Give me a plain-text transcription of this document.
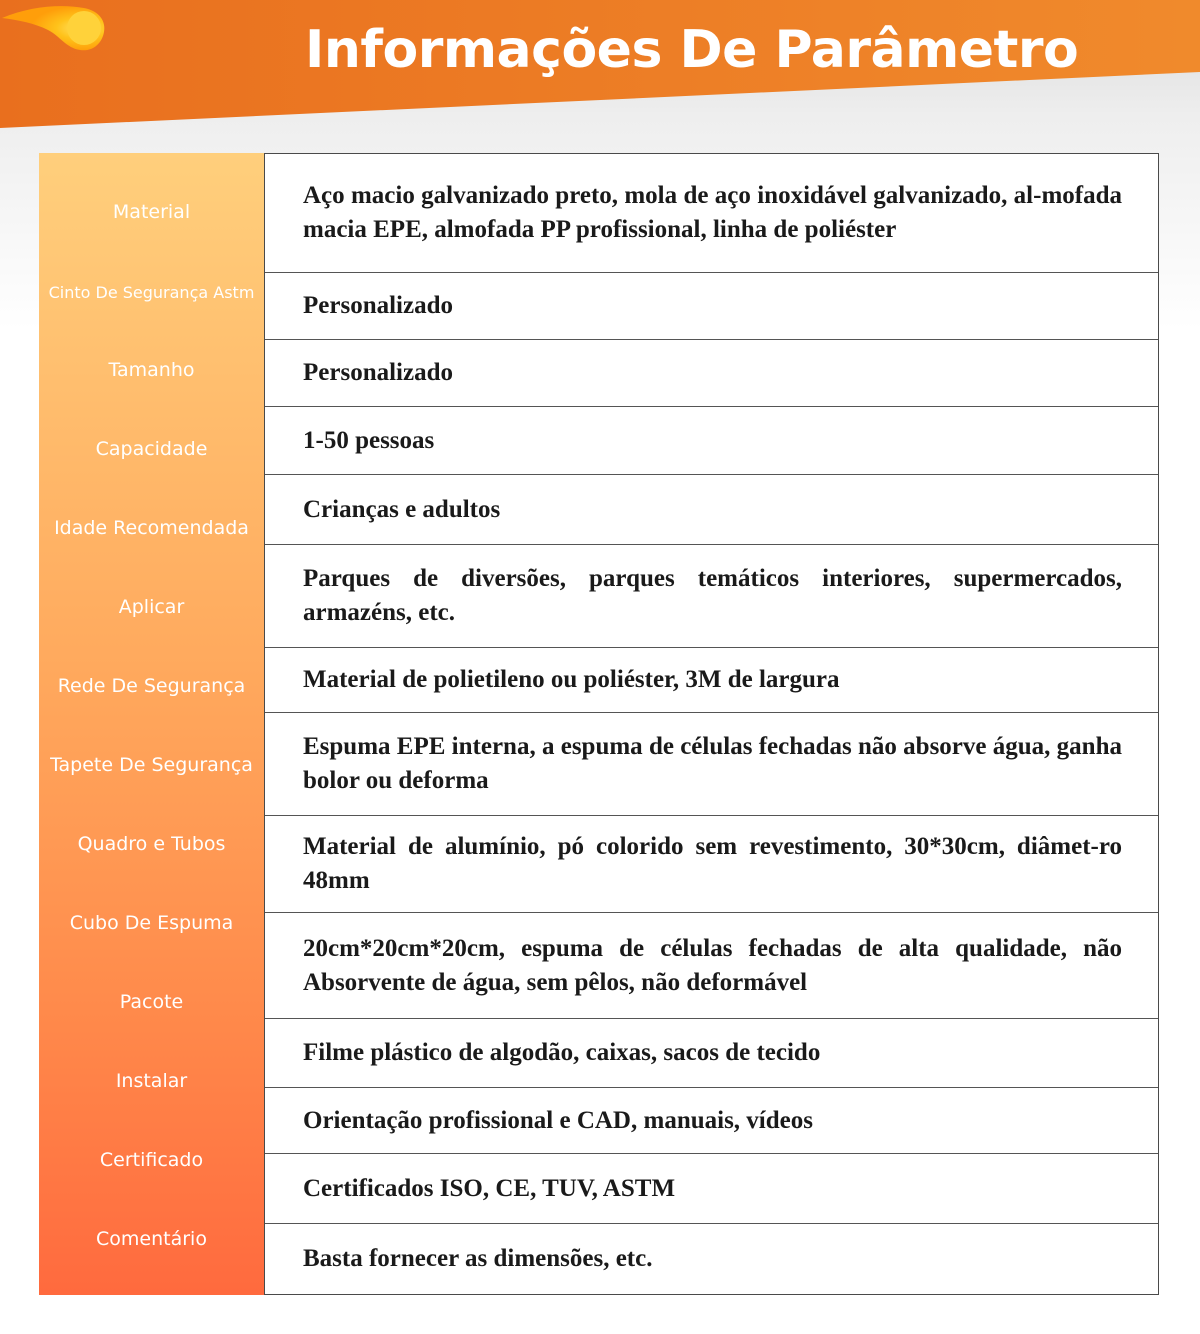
Informações De Parâmetro
Material
Cinto De Segurança Astm
Tamanho
Capacidade
Idade Recomendada
Aplicar
Rede De Segurança
Tapete De Segurança
Quadro e Tubos
Cubo De Espuma
Pacote
Instalar
Certificado
Comentário
Aço macio galvanizado preto, mola de aço inoxidável galvanizado, al-mofada macia EPE, almofada PP profissional, linha de poliéster
Personalizado
Personalizado
1-50 pessoas
Crianças e adultos
Parques de diversões, parques temáticos interiores, supermercados, armazéns, etc.
Material de polietileno ou poliéster, 3M de largura
Espuma EPE interna, a espuma de células fechadas não absorve água, ganha bolor ou deforma
Material de alumínio, pó colorido sem revestimento, 30*30cm, diâmet-ro 48mm
20cm*20cm*20cm, espuma de células fechadas de alta qualidade, não Absorvente de água, sem pêlos, não deformável
Filme plástico de algodão, caixas, sacos de tecido
Orientação profissional e CAD, manuais, vídeos
Certificados ISO, CE, TUV, ASTM
Basta fornecer as dimensões, etc.
